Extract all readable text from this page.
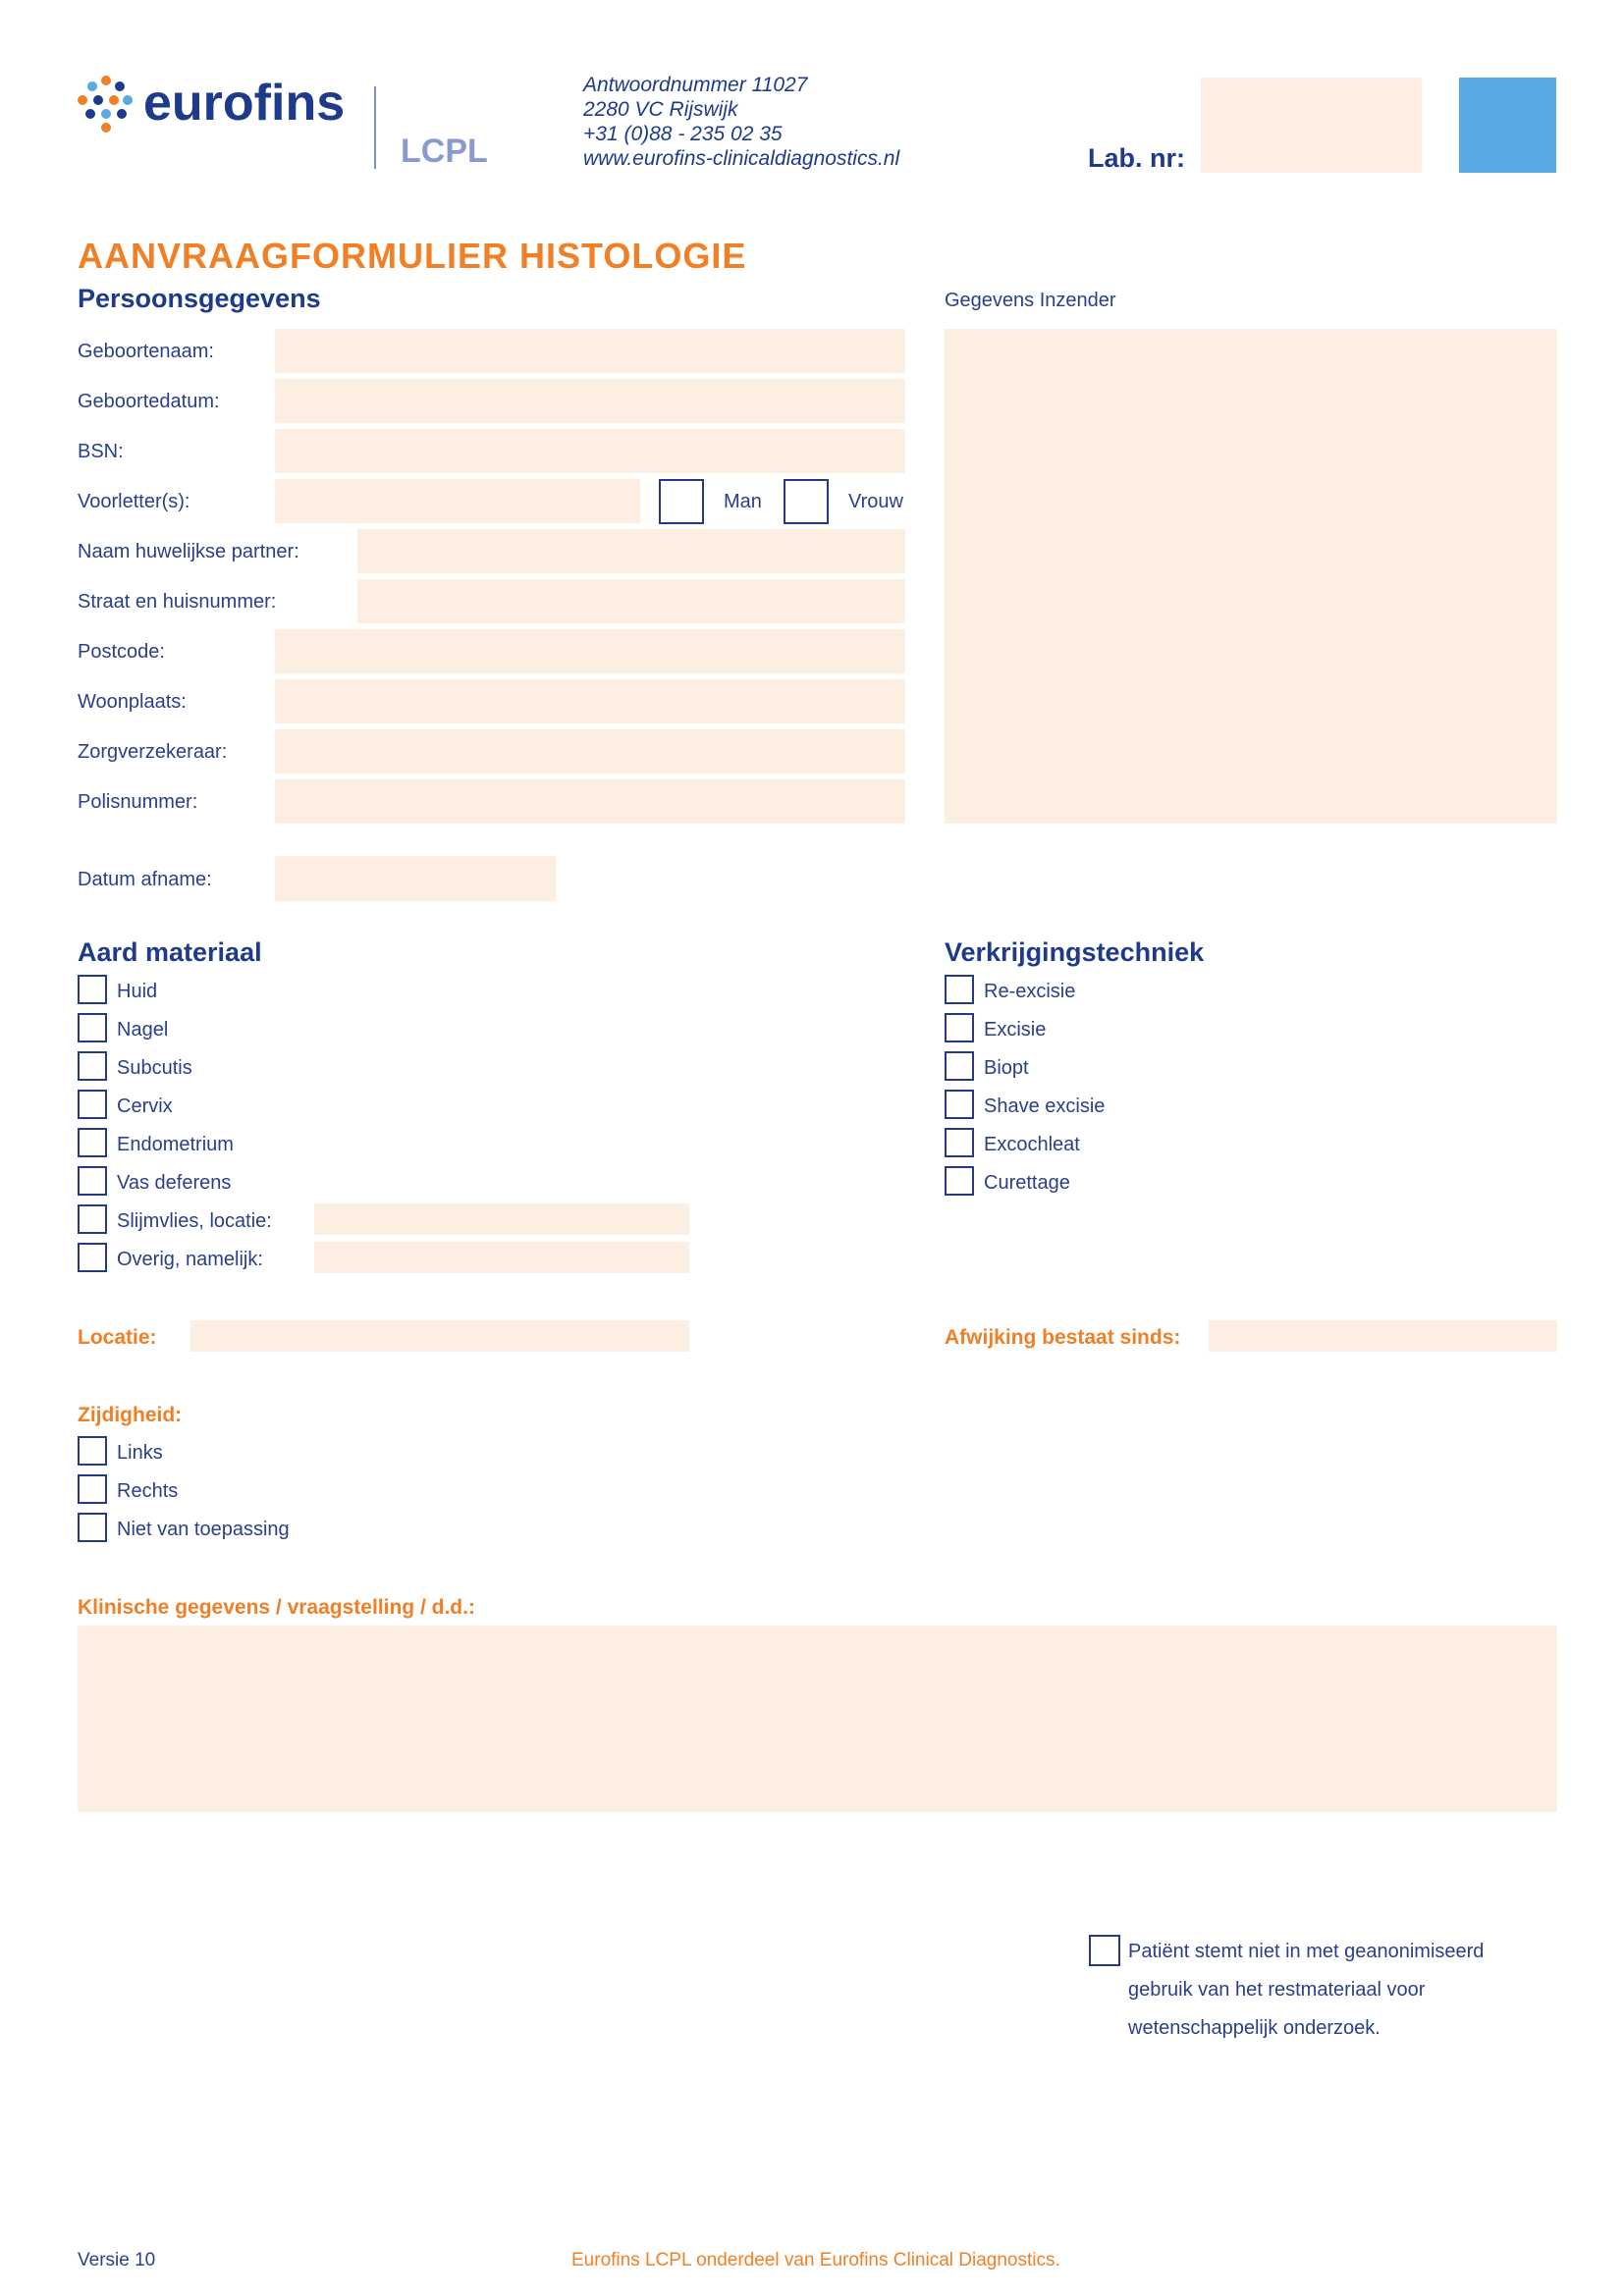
eurofins
LCPL
Antwoordnummer 11027
2280 VC Rijswijk
+31 (0)88 - 235 02 35
www.eurofins-clinicaldiagnostics.nl	Lab. nr:
AANVRAAGFORMULIER HISTOLOGIE
Persoonsgegevens	Gegevens Inzender
Geboortenaam:
Geboortedatum:
BSN:
Voorletter(s):	Man	Vrouw
Naam huwelijkse partner:
Straat en huisnummer:
Postcode:
Woonplaats:
Zorgverzekeraar:
Polisnummer:
Datum afname:
Aard materiaal
Huid
Nagel
Subcutis
Cervix
Endometrium
Vas deferens
Slijmvlies, locatie:
Overig, namelijk:
Verkrijgingstechniek
Re-excisie
Excisie
Biopt
Shave excisie
Excochleat
Curettage
Locatie:	Afwijking bestaat sinds:
Zijdigheid:
Links
Rechts
Niet van toepassing
Klinische gegevens / vraagstelling / d.d.:
Patiënt stemt niet in met geanonimiseerd
gebruik van het restmateriaal voor
wetenschappelijk onderzoek.
Versie 10	Eurofins LCPL onderdeel van Eurofins Clinical Diagnostics.
